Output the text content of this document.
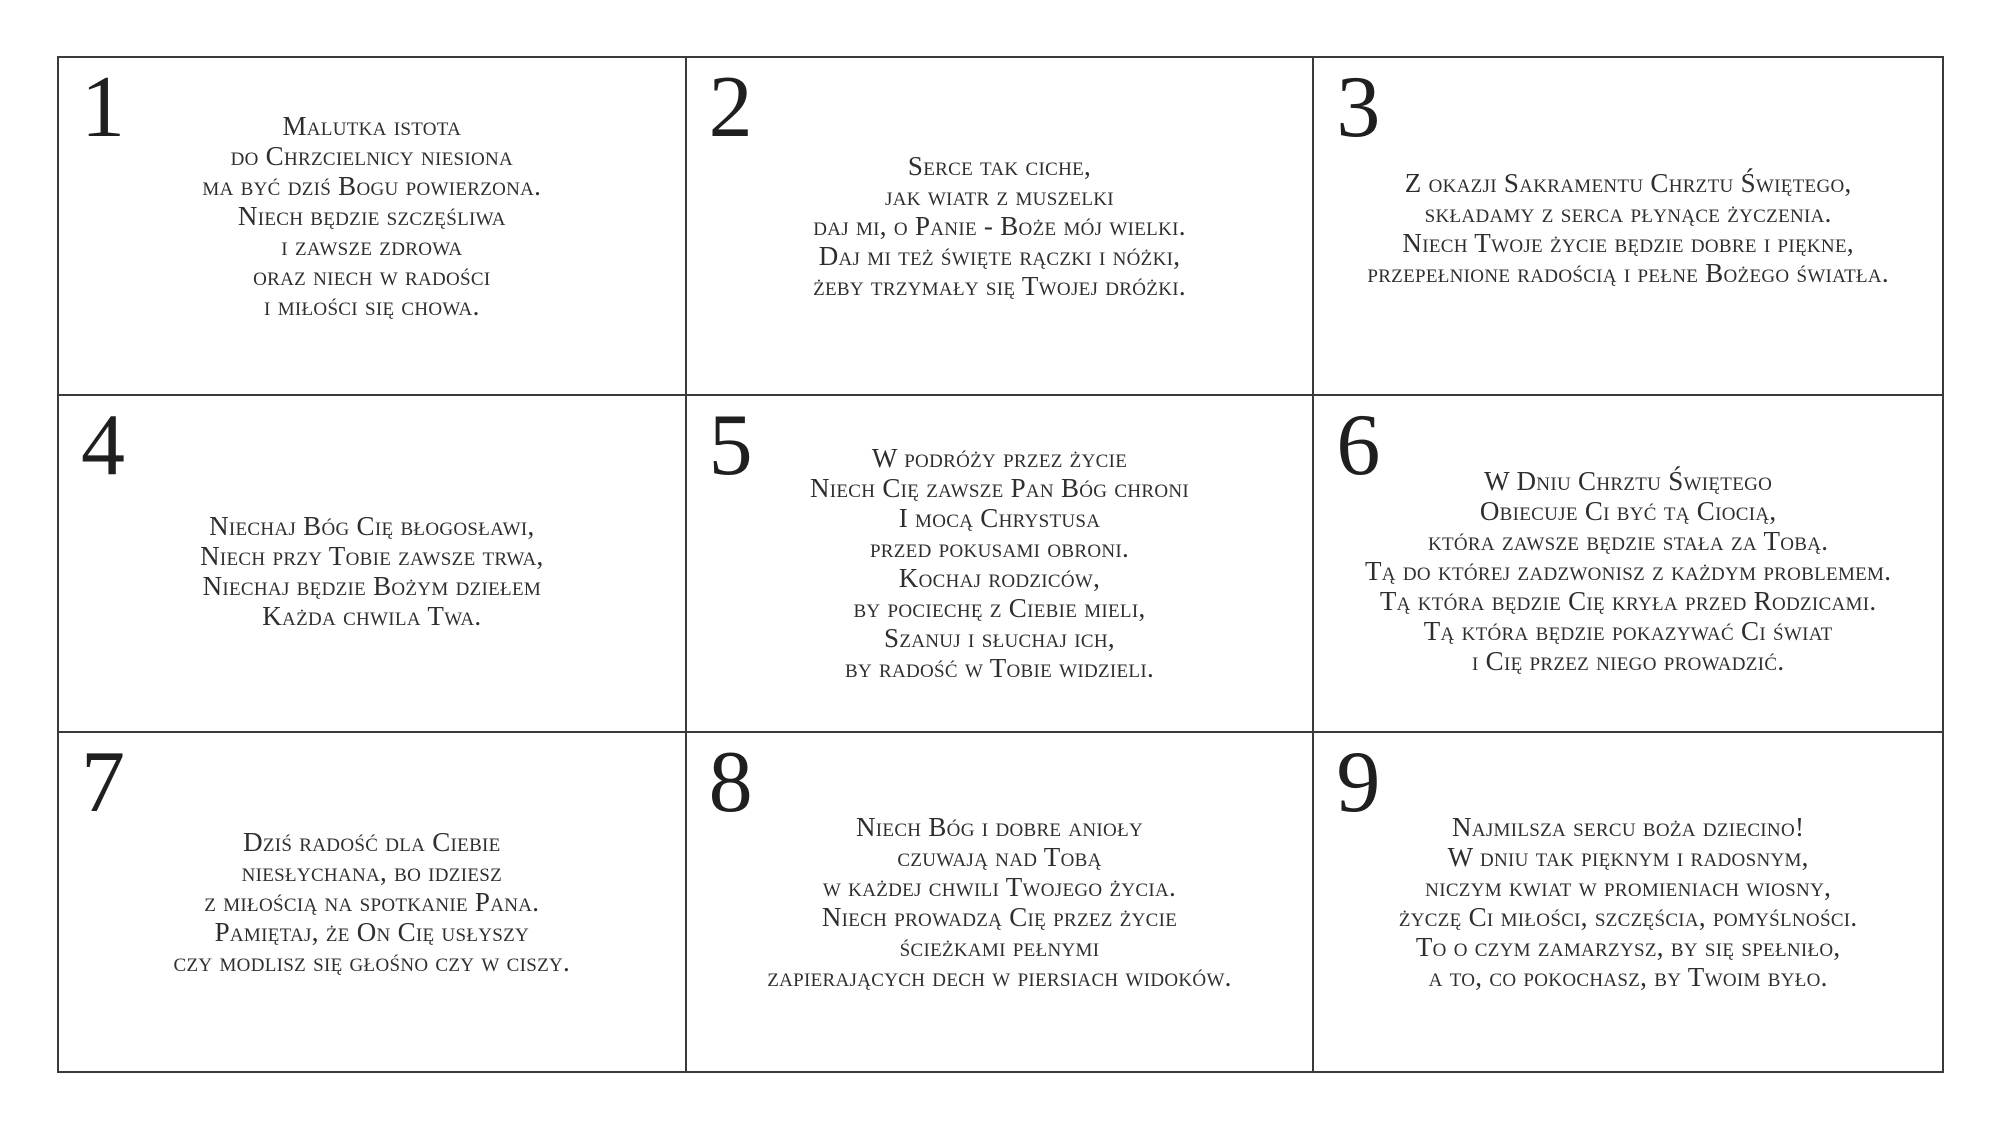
1	Malutka istota
do Chrzcielnicy niesiona
ma być dziś Bogu powierzona.
Niech będzie szczęśliwa
i zawsze zdrowa
oraz niech w radości
i miłości się chowa.
2
Serce tak ciche,
jak wiatr z muszelki
daj mi, o Panie - Boże mój wielki.
Daj mi też święte rączki i nóżki,
żeby trzymały się Twojej dróżki.
3
Z okazji Sakramentu Chrztu Świętego,
składamy z serca płynące życzenia.
Niech Twoje życie będzie dobre i piękne,
przepełnione radością i pełne Bożego światła.
4
Niechaj Bóg Cię błogosławi,
Niech przy Tobie zawsze trwa,
Niechaj będzie Bożym dziełem
Każda chwila Twa.
5	W podróży przez życie
Niech Cię zawsze Pan Bóg chroni
I mocą Chrystusa
przed pokusami obroni.
Kochaj rodziców,
by pociechę z Ciebie mieli,
Szanuj i słuchaj ich,
by radość w Tobie widzieli.
6	W Dniu Chrztu Świętego
Obiecuje Ci być tą Ciocią,
która zawsze będzie stała za Tobą.
Tą do której zadzwonisz z każdym problemem.
Tą która będzie Cię kryła przed Rodzicami.
Tą która będzie pokazywać Ci świat
i Cię przez niego prowadzić.
7
Dziś radość dla Ciebie
niesłychana, bo idziesz
z miłością na spotkanie Pana.
Pamiętaj, że On Cię usłyszy
czy modlisz się głośno czy w ciszy.
8	Niech Bóg i dobre anioły
czuwają nad Tobą
w każdej chwili Twojego życia.
Niech prowadzą Cię przez życie
ścieżkami pełnymi
zapierających dech w piersiach widoków.
9	Najmilsza sercu boża dziecino!
W dniu tak pięknym i radosnym,
niczym kwiat w promieniach wiosny,
życzę Ci miłości, szczęścia, pomyślności.
To o czym zamarzysz, by się spełniło,
a to, co pokochasz, by Twoim było.
